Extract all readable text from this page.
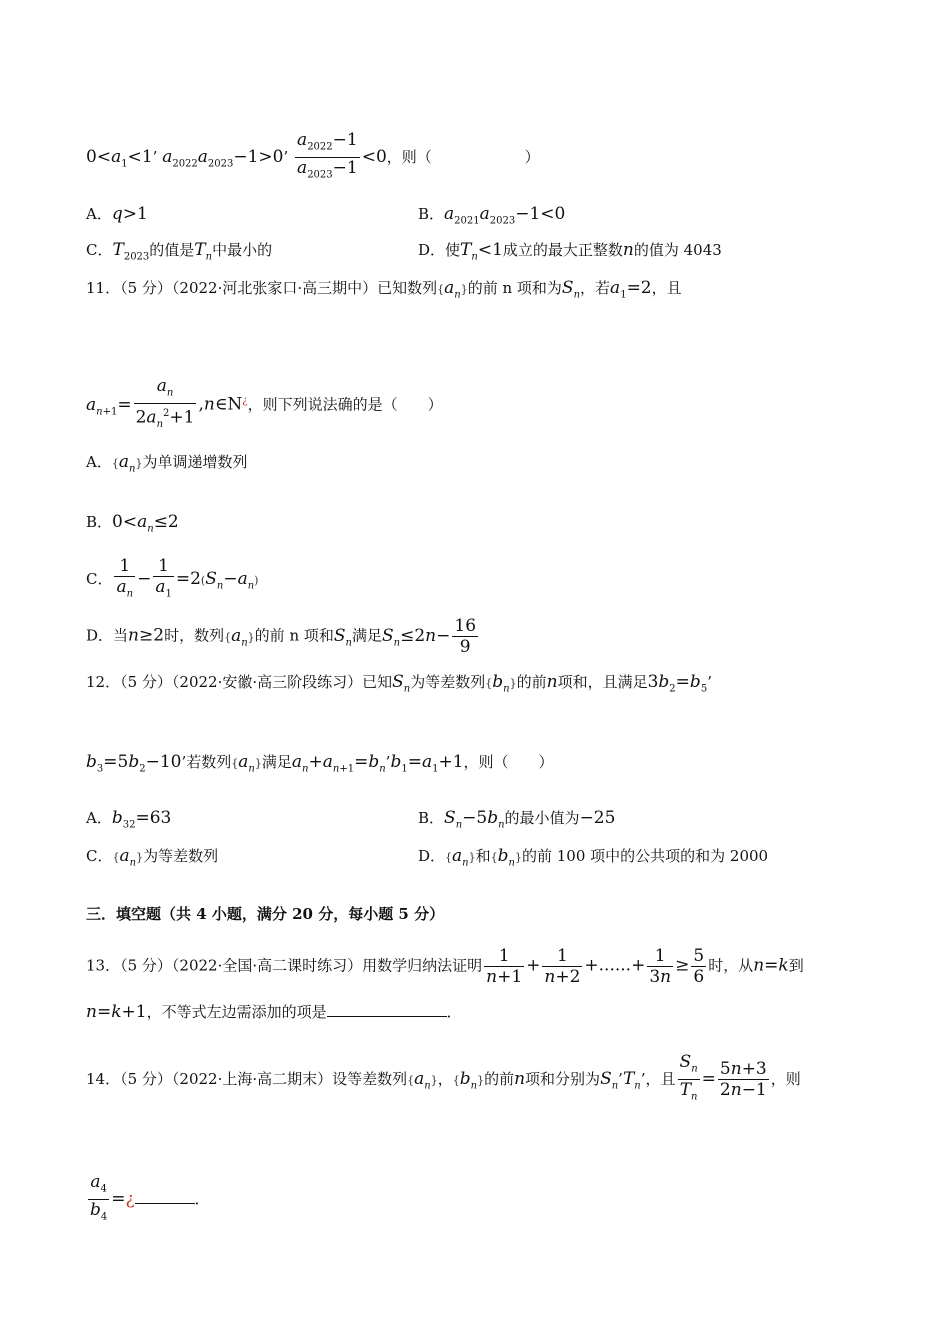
$0<a_1<1$’ $a_{2022}a_{2023}-1>0$’ $\frac{a_{2022}-1}{a_{2023}-1} <0$，则（	）
A．q>1	B．$a_{2021}a_{2023}-1<0$
C．$T_{2023}$的值是$T_n$中最小的	D．使$T_n<1$成立的最大正整数n的值为 4043
11．（5 分）（2022·河北张家口·高三期中）已知数列$\{a_n\}$的前 n 项和为$S_n$，若$a_1=2$，且
$a_{n+1}= \frac{a_n}{2a_n^2+1}$ ,n∈N¿，则下列说法确的是（　　）
A．$\{a_n\}$为单调递增数列
B．$0<a_n\le 2$
C． $\frac{1}{a_n} - \frac{1}{a_1} =2(S_n-a_n)$
D．当n≥2时，数列$\{a_n\}$的前 n 项和$S_n$满足$S_n\le 2n- \frac{16}{9}$
12．（5 分）（2022·安徽·高三阶段练习）已知$S_n$为等差数列$\{b_n\}$的前n项和，且满足$3b_2=b_5$’
$b_3=5b_2-10$’若数列$\{a_n\}$满足$a_n+a_{n+1}=b_n’b_1=a_1+1$，则（　　）
A．$b_{32}=63$	B．$S_n-5b_n$的最小值为−25
C．$\{a_n\}$为等差数列	D．$\{a_n\}$和$\{b_n\}$的前 100 项中的公共项的和为 2000
三．填空题（共 4 小题，满分 20 分，每小题 5 分）
13．（5 分）（2022·全国·高二课时练习）用数学归纳法证明 $\frac{1}{n+1} + \frac{1}{n+2}$ +......+ $\frac{1}{3n} \ge \frac{5}{6}$ 时，从n=k到
n=k+1，不等式左边需添加的项是	．
14．（5 分）（2022·上海·高二期末）设等差数列$\{a_n\}$，$\{b_n\}$的前n项和分别为$S_n’T_n$’，且 $\frac{S_n}{T_n} = \frac{5n+3}{2n-1}$ ，则
$\frac{a_4}{b_4}$ =¿	．
